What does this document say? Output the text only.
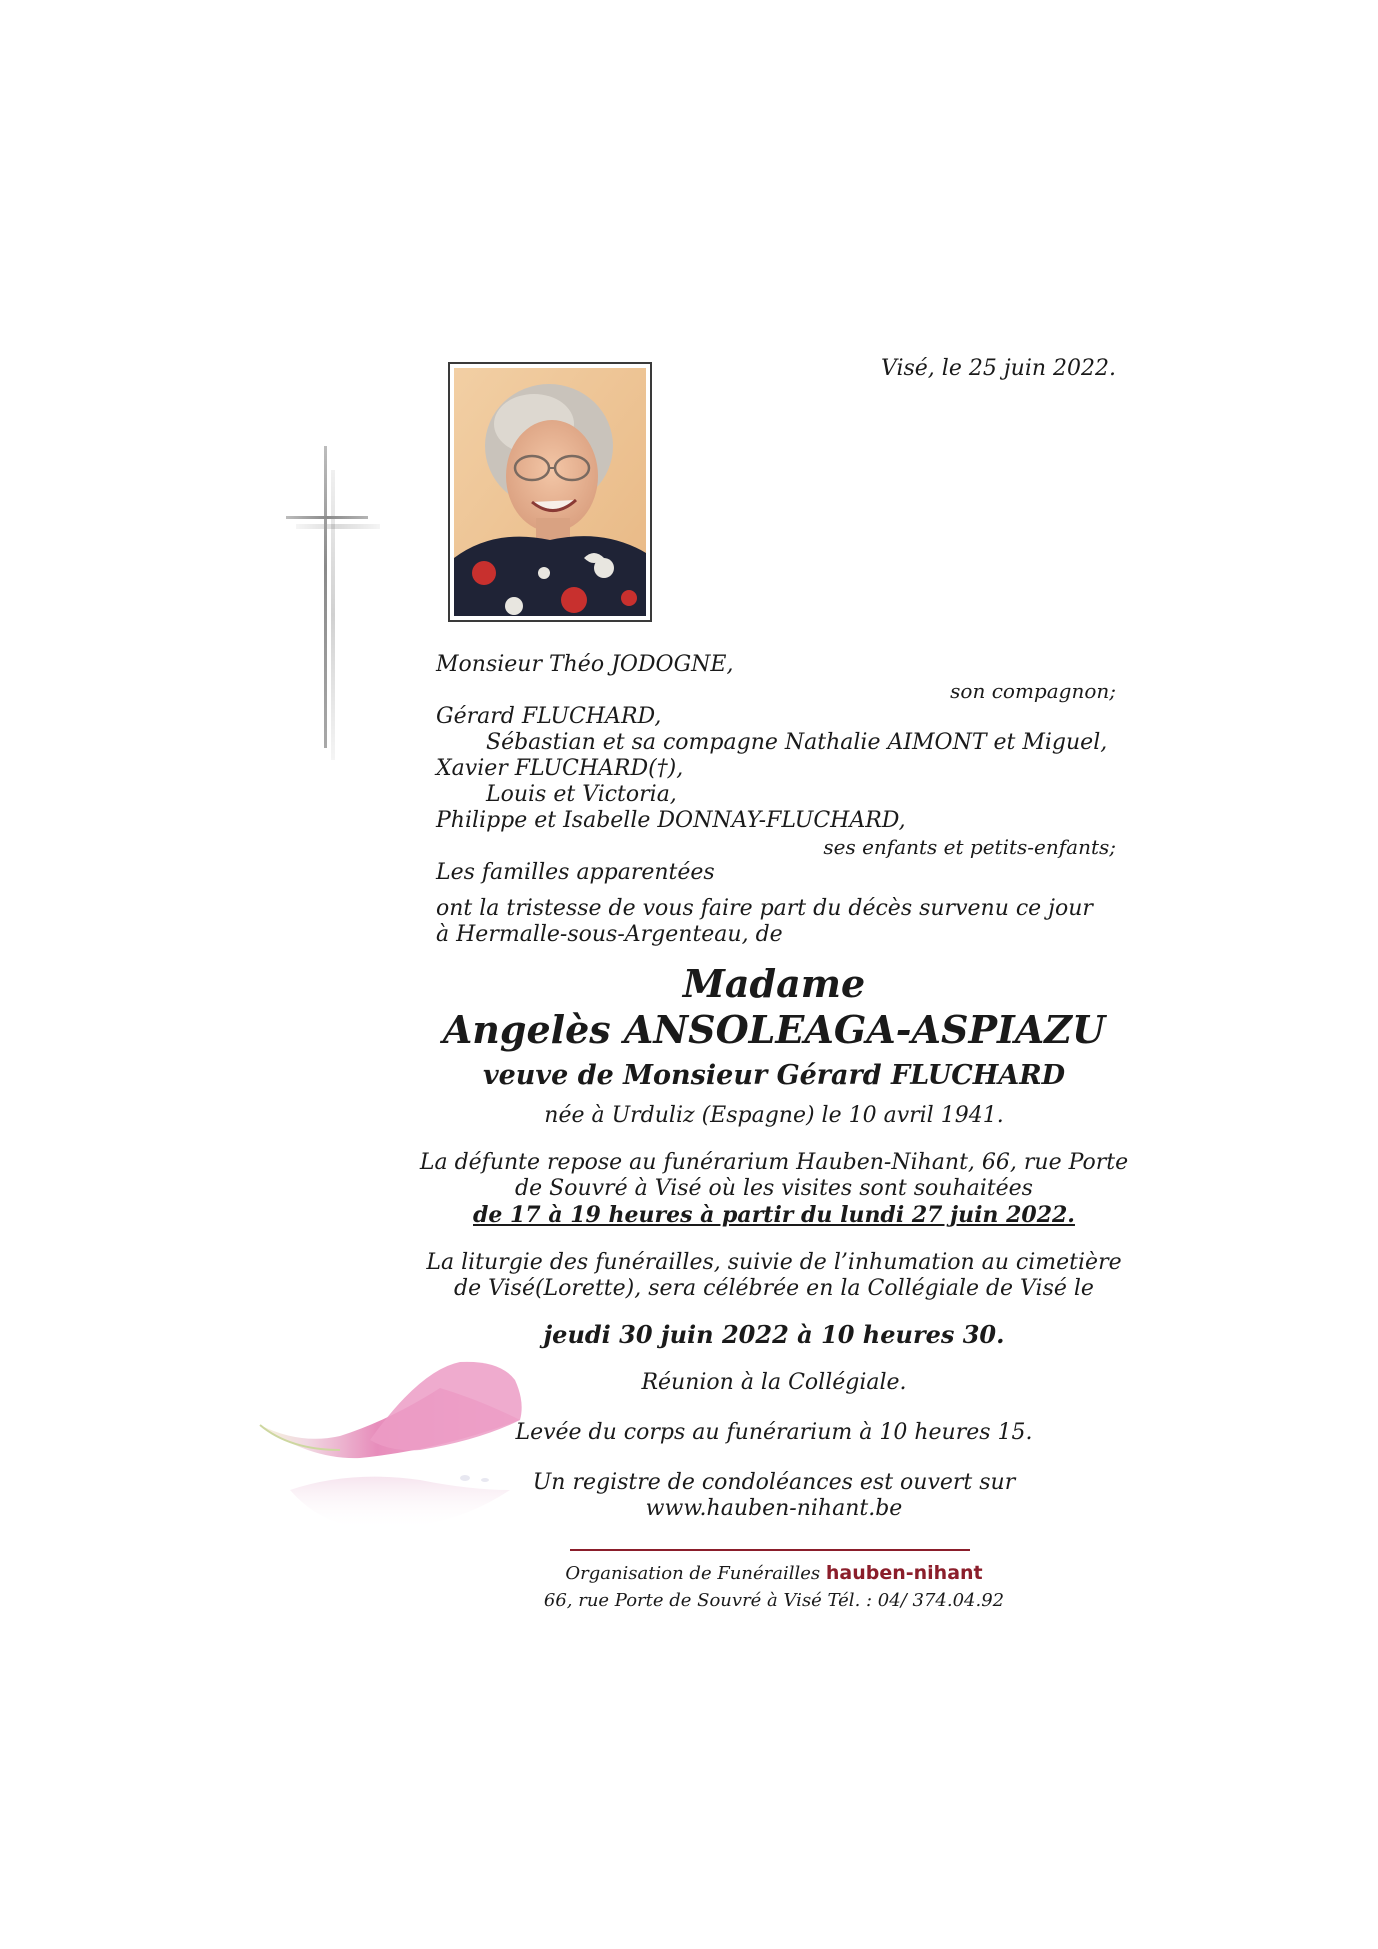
Visé, le 25 juin 2022.
Monsieur Théo JODOGNE,
son compagnon;
Gérard FLUCHARD,
Sébastian et sa compagne Nathalie AIMONT et Miguel,
Xavier FLUCHARD(†),
Louis et Victoria,
Philippe et Isabelle DONNAY-FLUCHARD,
ses enfants et petits-enfants;
Les familles apparentées
ont la tristesse de vous faire part du décès survenu ce jour
à Hermalle-sous-Argenteau, de
Madame
Angelès ANSOLEAGA-ASPIAZU
veuve de Monsieur Gérard FLUCHARD
née à Urduliz (Espagne) le 10 avril 1941.
La défunte repose au funérarium Hauben-Nihant, 66, rue Porte
de Souvré à Visé où les visites sont souhaitées
de 17 à 19 heures à partir du lundi 27 juin 2022.
La liturgie des funérailles, suivie de l’inhumation au cimetière
de Visé(Lorette), sera célébrée en la Collégiale de Visé le
jeudi 30 juin 2022 à 10 heures 30.
Réunion à la Collégiale.
Levée du corps au funérarium à 10 heures 15.
Un registre de condoléances est ouvert sur
www.hauben-nihant.be
Organisation de Funérailles hauben-nihant
66, rue Porte de Souvré à Visé Tél. : 04/ 374.04.92
